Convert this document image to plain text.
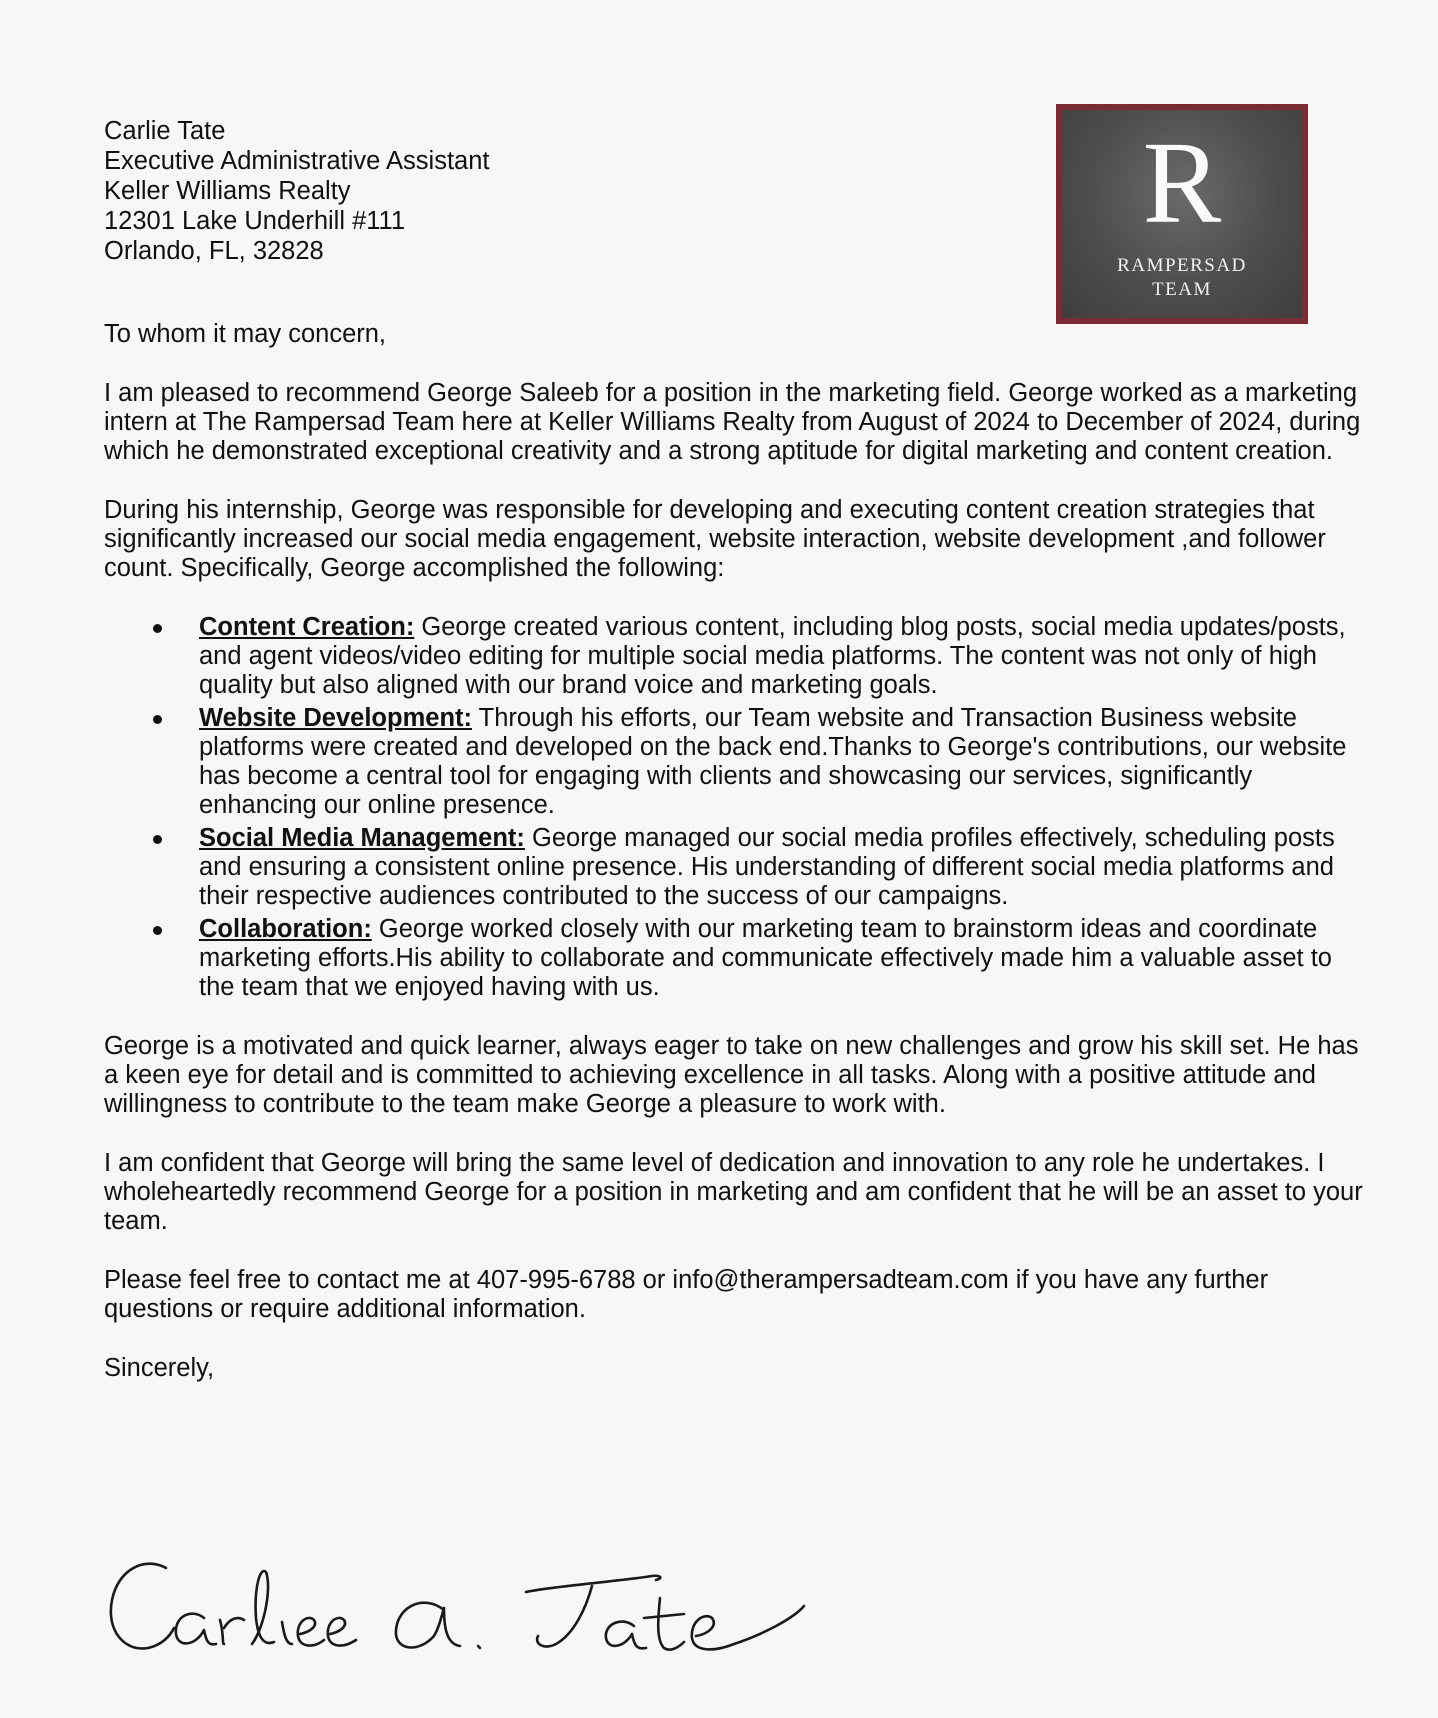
Carlie Tate
Executive Administrative Assistant
Keller Williams Realty
12301 Lake Underhill #111
Orlando, FL, 32828
R
RAMPERSAD
TEAM
To whom it may concern,

I am pleased to recommend George Saleeb for a position in the marketing field. George worked as a marketing intern at The Rampersad Team here at Keller Williams Realty from August of 2024 to December of 2024, during which he demonstrated exceptional creativity and a strong aptitude for digital marketing and content creation.

During his internship, George was responsible for developing and executing content creation strategies that significantly increased our social media engagement, website interaction, website development ,and follower count. Specifically, George accomplished the following:

Content Creation: George created various content, including blog posts, social media updates/posts, and agent videos/video editing for multiple social media platforms. The content was not only of high quality but also aligned with our brand voice and marketing goals.
Website Development: Through his efforts, our Team website and Transaction Business website platforms were created and developed on the back end.Thanks to George's contributions, our website has become a central tool for engaging with clients and showcasing our services, significantly enhancing our online presence.
Social Media Management: George managed our social media profiles effectively, scheduling posts and ensuring a consistent online presence. His understanding of different social media platforms and their respective audiences contributed to the success of our campaigns.
Collaboration: George worked closely with our marketing team to brainstorm ideas and coordinate marketing efforts.His ability to collaborate and communicate effectively made him a valuable asset to the team that we enjoyed having with us.

George is a motivated and quick learner, always eager to take on new challenges and grow his skill set. He has a keen eye for detail and is committed to achieving excellence in all tasks. Along with a positive attitude and willingness to contribute to the team make George a pleasure to work with.

I am confident that George will bring the same level of dedication and innovation to any role he undertakes. I wholeheartedly recommend George for a position in marketing and am confident that he will be an asset to your team.

Please feel free to contact me at 407-995-6788 or info@therampersadteam.com if you have any further questions or require additional information.

Sincerely,
